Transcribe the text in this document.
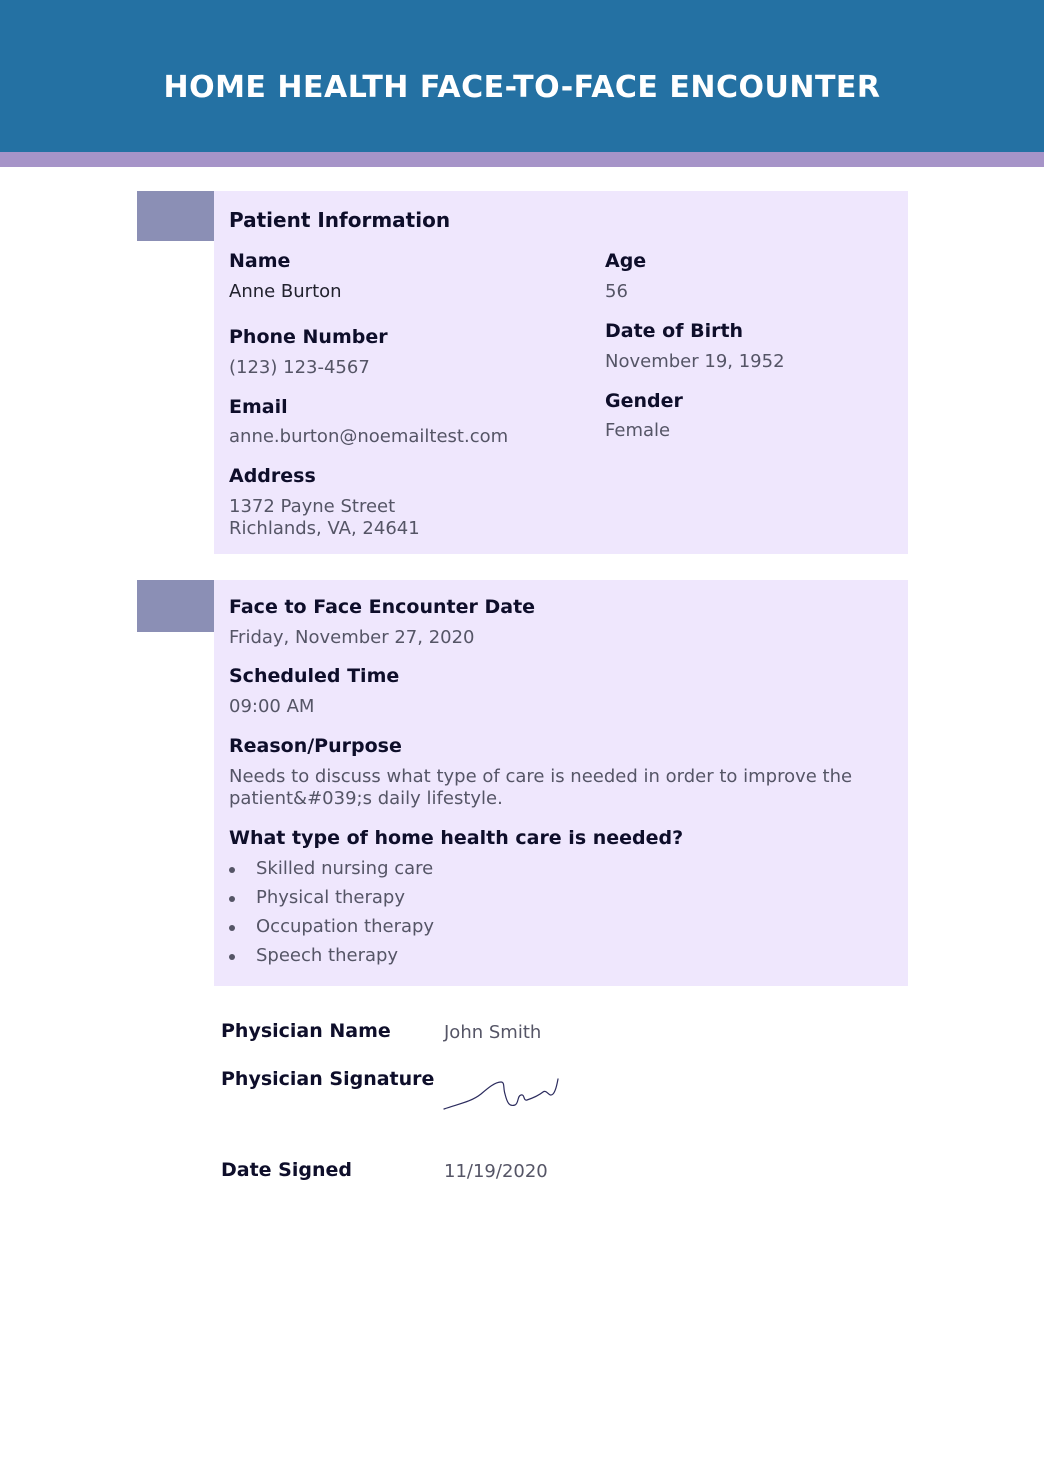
HOME HEALTH FACE-TO-FACE ENCOUNTER
Patient Information
Name
Anne Burton
Phone Number
(123) 123-4567
Email
anne.burton@noemailtest.com
Address
1372 Payne Street
Richlands, VA, 24641
Age
56
Date of Birth
November 19, 1952
Gender
Female
Face to Face Encounter Date
Friday, November 27, 2020
Scheduled Time
09:00 AM
Reason/Purpose
Needs to discuss what type of care is needed in order to improve the
patient&#039;s daily lifestyle.
What type of home health care is needed?
Skilled nursing care
Physical therapy
Occupation therapy
Speech therapy
Physician Name	John Smith
Physician Signature
Date Signed	11/19/2020
